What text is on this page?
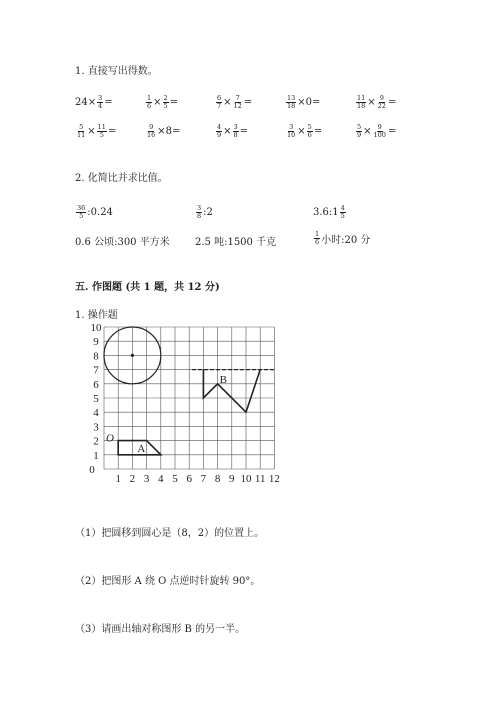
1. 直接写出得数。
$24\times \frac{3}{4}$ =	$\frac{1}{6} \times \frac{2}{5}$ =	$\frac{6}{7} \times \frac{7}{12}$ =	$\frac{13}{18} \times 0=$	$\frac{11}{18} \times \frac{9}{22}$ =
$\frac{5}{11} \times \frac{11}{5}$ =	$\frac{9}{16} \times 8=$	$\frac{4}{9} \times \frac{3}{8}$ =	$\frac{3}{10} \times \frac{5}{6}$ =	$\frac{5}{9} \times \frac{9}{100}$ =
2. 化简比并求比值。
$\frac{36}{5}$ :0.24	$\frac{3}{8}$ :2	3.6:1 $\frac{4}{5}$
0.6 公顷:300 平方米	2.5 吨:1500 千克	$\frac{1}{6}$ 小时:20 分
五. 作图题 (共 1 题，共 12 分)
1. 操作题
0
1 2 3 4 5 6 7 8 9 10 11 12
1
2
3
4
5
6
7
8
9
10
O
A
B
（1）把圆移到圆心是（8，2）的位置上。
（2）把图形 A 绕 O 点逆时针旋转 90°。
（3）请画出轴对称图形 B 的另一半。
